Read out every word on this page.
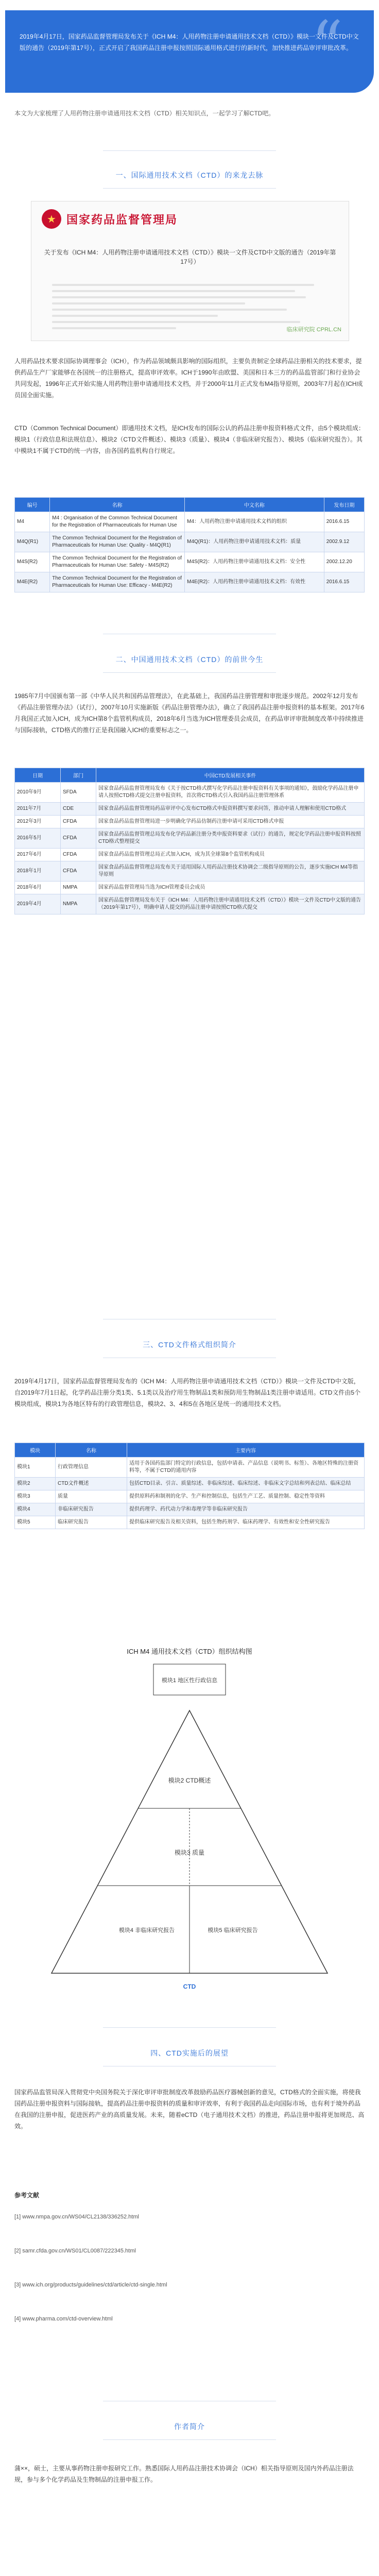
“
2019年4月17日，国家药品监督管理局发布关于《ICH M4：人用药物注册申请通用技术文档（CTD）》模块一文件及CTD中文版的通告（2019年第17号），正式开启了我国药品注册申报按照国际通用格式进行的新时代，加快推进药品审评审批改革。
本文为大家梳理了人用药物注册申请通用技术文档（CTD）相关知识点，一起学习了解CTD吧。
一、国际通用技术文档（CTD）的来龙去脉
★ 国家药品监督管理局
关于发布《ICH M4：人用药物注册申请通用技术文档（CTD）》模块一文件及CTD中文版的通告（2019年第17号）
临床研究院 CPRL.CN
人用药品技术要求国际协调理事会（ICH），作为药品领域颇具影响的国际组织，主要负责制定全球药品注册相关的技术要求，提供药品生产厂家能够在各国统一的注册格式，提高审评效率。ICH于1990年由欧盟、美国和日本三方的药品监管部门和行业协会共同发起，1996年正式开始实施人用药物注册申请通用技术文档，并于2000年11月正式发布M4指导原则，2003年7月起在ICH成员国全面实施。
CTD（Common Technical Document）即通用技术文档，是ICH发布的国际公认的药品注册申报资料格式文件，由5个模块组成：模块1（行政信息和法规信息）、模块2（CTD文件概述）、模块3（质量）、模块4（非临床研究报告）、模块5（临床研究报告）。其中模块1不属于CTD的统一内容，由各国药监机构自行规定。
编号	名称	中文名称	发布日期
M4	M4 : Organisation of the Common Technical Document for the Registration of Pharmaceuticals for Human Use	M4：人用药物注册申请通用技术文档的组织	2016.6.15
M4Q(R1)	The Common Technical Document for the Registration of Pharmaceuticals for Human Use: Quality - M4Q(R1)	M4Q(R1)：人用药物注册申请通用技术文档：质量	2002.9.12
M4S(R2)	The Common Technical Document for the Registration of Pharmaceuticals for Human Use: Safety - M4S(R2)	M4S(R2)：人用药物注册申请通用技术文档：安全性	2002.12.20
M4E(R2)	The Common Technical Document for the Registration of Pharmaceuticals for Human Use: Efficacy - M4E(R2)	M4E(R2)：人用药物注册申请通用技术文档：有效性	2016.6.15
二、中国通用技术文档（CTD）的前世今生
1985年7月中国颁布第一部《中华人民共和国药品管理法》，在此基础上，我国药品注册管理和审批逐步规范。2002年12月发布《药品注册管理办法》（试行），2007年10月实施新版《药品注册管理办法》，确立了我国药品注册申报资料的基本框架。2017年6月我国正式加入ICH，成为ICH第8个监管机构成员，2018年6月当选为ICH管理委员会成员，在药品审评审批制度改革中持续推进与国际接轨，CTD格式的推行正是我国融入ICH的重要标志之一。
日期	部门	中国CTD发展相关事件
2010年9月	SFDA	国家食品药品监督管理局发布《关于按CTD格式撰写化学药品注册申报资料有关事项的通知》，鼓励化学药品注册申请人按照CTD格式提交注册申报资料，首次将CTD格式引入我国药品注册管理体系
2011年7月	CDE	国家食品药品监督管理局药品审评中心发布CTD格式申报资料撰写要求问答，推动申请人理解和使用CTD格式
2012年3月	CFDA	国家食品药品监督管理局进一步明确化学药品仿制药注册申请可采用CTD格式申报
2016年5月	CFDA	国家食品药品监督管理总局发布化学药品新注册分类申报资料要求（试行）的通告，规定化学药品注册申报资料按照CTD格式整理提交
2017年6月	CFDA	国家食品药品监督管理总局正式加入ICH，成为其全球第8个监管机构成员
2018年1月	CFDA	国家食品药品监督管理总局发布关于适用国际人用药品注册技术协调会二级指导原则的公告，逐步实施ICH M4等指导原则
2018年6月	NMPA	国家药品监督管理局当选为ICH管理委员会成员
2019年4月	NMPA	国家药品监督管理局发布关于《ICH M4：人用药物注册申请通用技术文档（CTD）》模块一文件及CTD中文版的通告（2019年第17号），明确申请人提交的药品注册申请按照CTD格式提交
三、CTD文件格式组织简介
2019年4月17日，国家药品监督管理局发布的《ICH M4：人用药物注册申请通用技术文档（CTD）》模块一文件及CTD中文版，自2019年7月1日起，化学药品注册分类1类、5.1类以及治疗用生物制品1类和预防用生物制品1类注册申请适用。CTD文件由5个模块组成，模块1为各地区特有的行政管理信息，模块2、3、4和5在各地区是统一的通用技术文档。
模块	名称	主要内容
模块1	行政管理信息	适用于各国药监部门特定的行政信息，包括申请表、产品信息（说明书、标签）、各地区特殊的注册资料等，不属于CTD的通用内容
模块2	CTD文件概述	包括CTD目录、引言、质量综述、非临床综述、临床综述、非临床文字总结和列表总结、临床总结
模块3	质量	提供原料药和制剂的化学、生产和控制信息，包括生产工艺、质量控制、稳定性等资料
模块4	非临床研究报告	提供药理学、药代动力学和毒理学等非临床研究报告
模块5	临床研究报告	提供临床研究报告及相关资料，包括生物药剂学、临床药理学、有效性和安全性研究报告
ICH M4 通用技术文档（CTD）组织结构图
模块1 地区性行政信息
模块2 CTD概述
模块3 质量
模块4 非临床研究报告	模块5 临床研究报告
CTD
四、CTD实施后的展望
国家药品监管局深入贯彻党中央国务院关于深化审评审批制度改革鼓励药品医疗器械创新的意见，CTD格式的全面实施，将使我国药品注册申报资料与国际接轨，提高药品注册申报资料的质量和审评效率，有利于我国药品走向国际市场，也有利于境外药品在我国的注册申报，促进医药产业的高质量发展。未来，随着eCTD（电子通用技术文档）的推进，药品注册申报将更加规范、高效。
参考文献
[1] www.nmpa.gov.cn/WS04/CL2138/336252.html
[2] samr.cfda.gov.cn/WS01/CL0087/222345.html
[3] www.ich.org/products/guidelines/ctd/article/ctd-single.html
[4] www.pharma.com/ctd-overview.html
作者简介
蒲××，硕士，主要从事药物注册申报研究工作。熟悉国际人用药品注册技术协调会（ICH）相关指导原则及国内外药品注册法规，参与多个化学药品及生物制品的注册申报工作。
